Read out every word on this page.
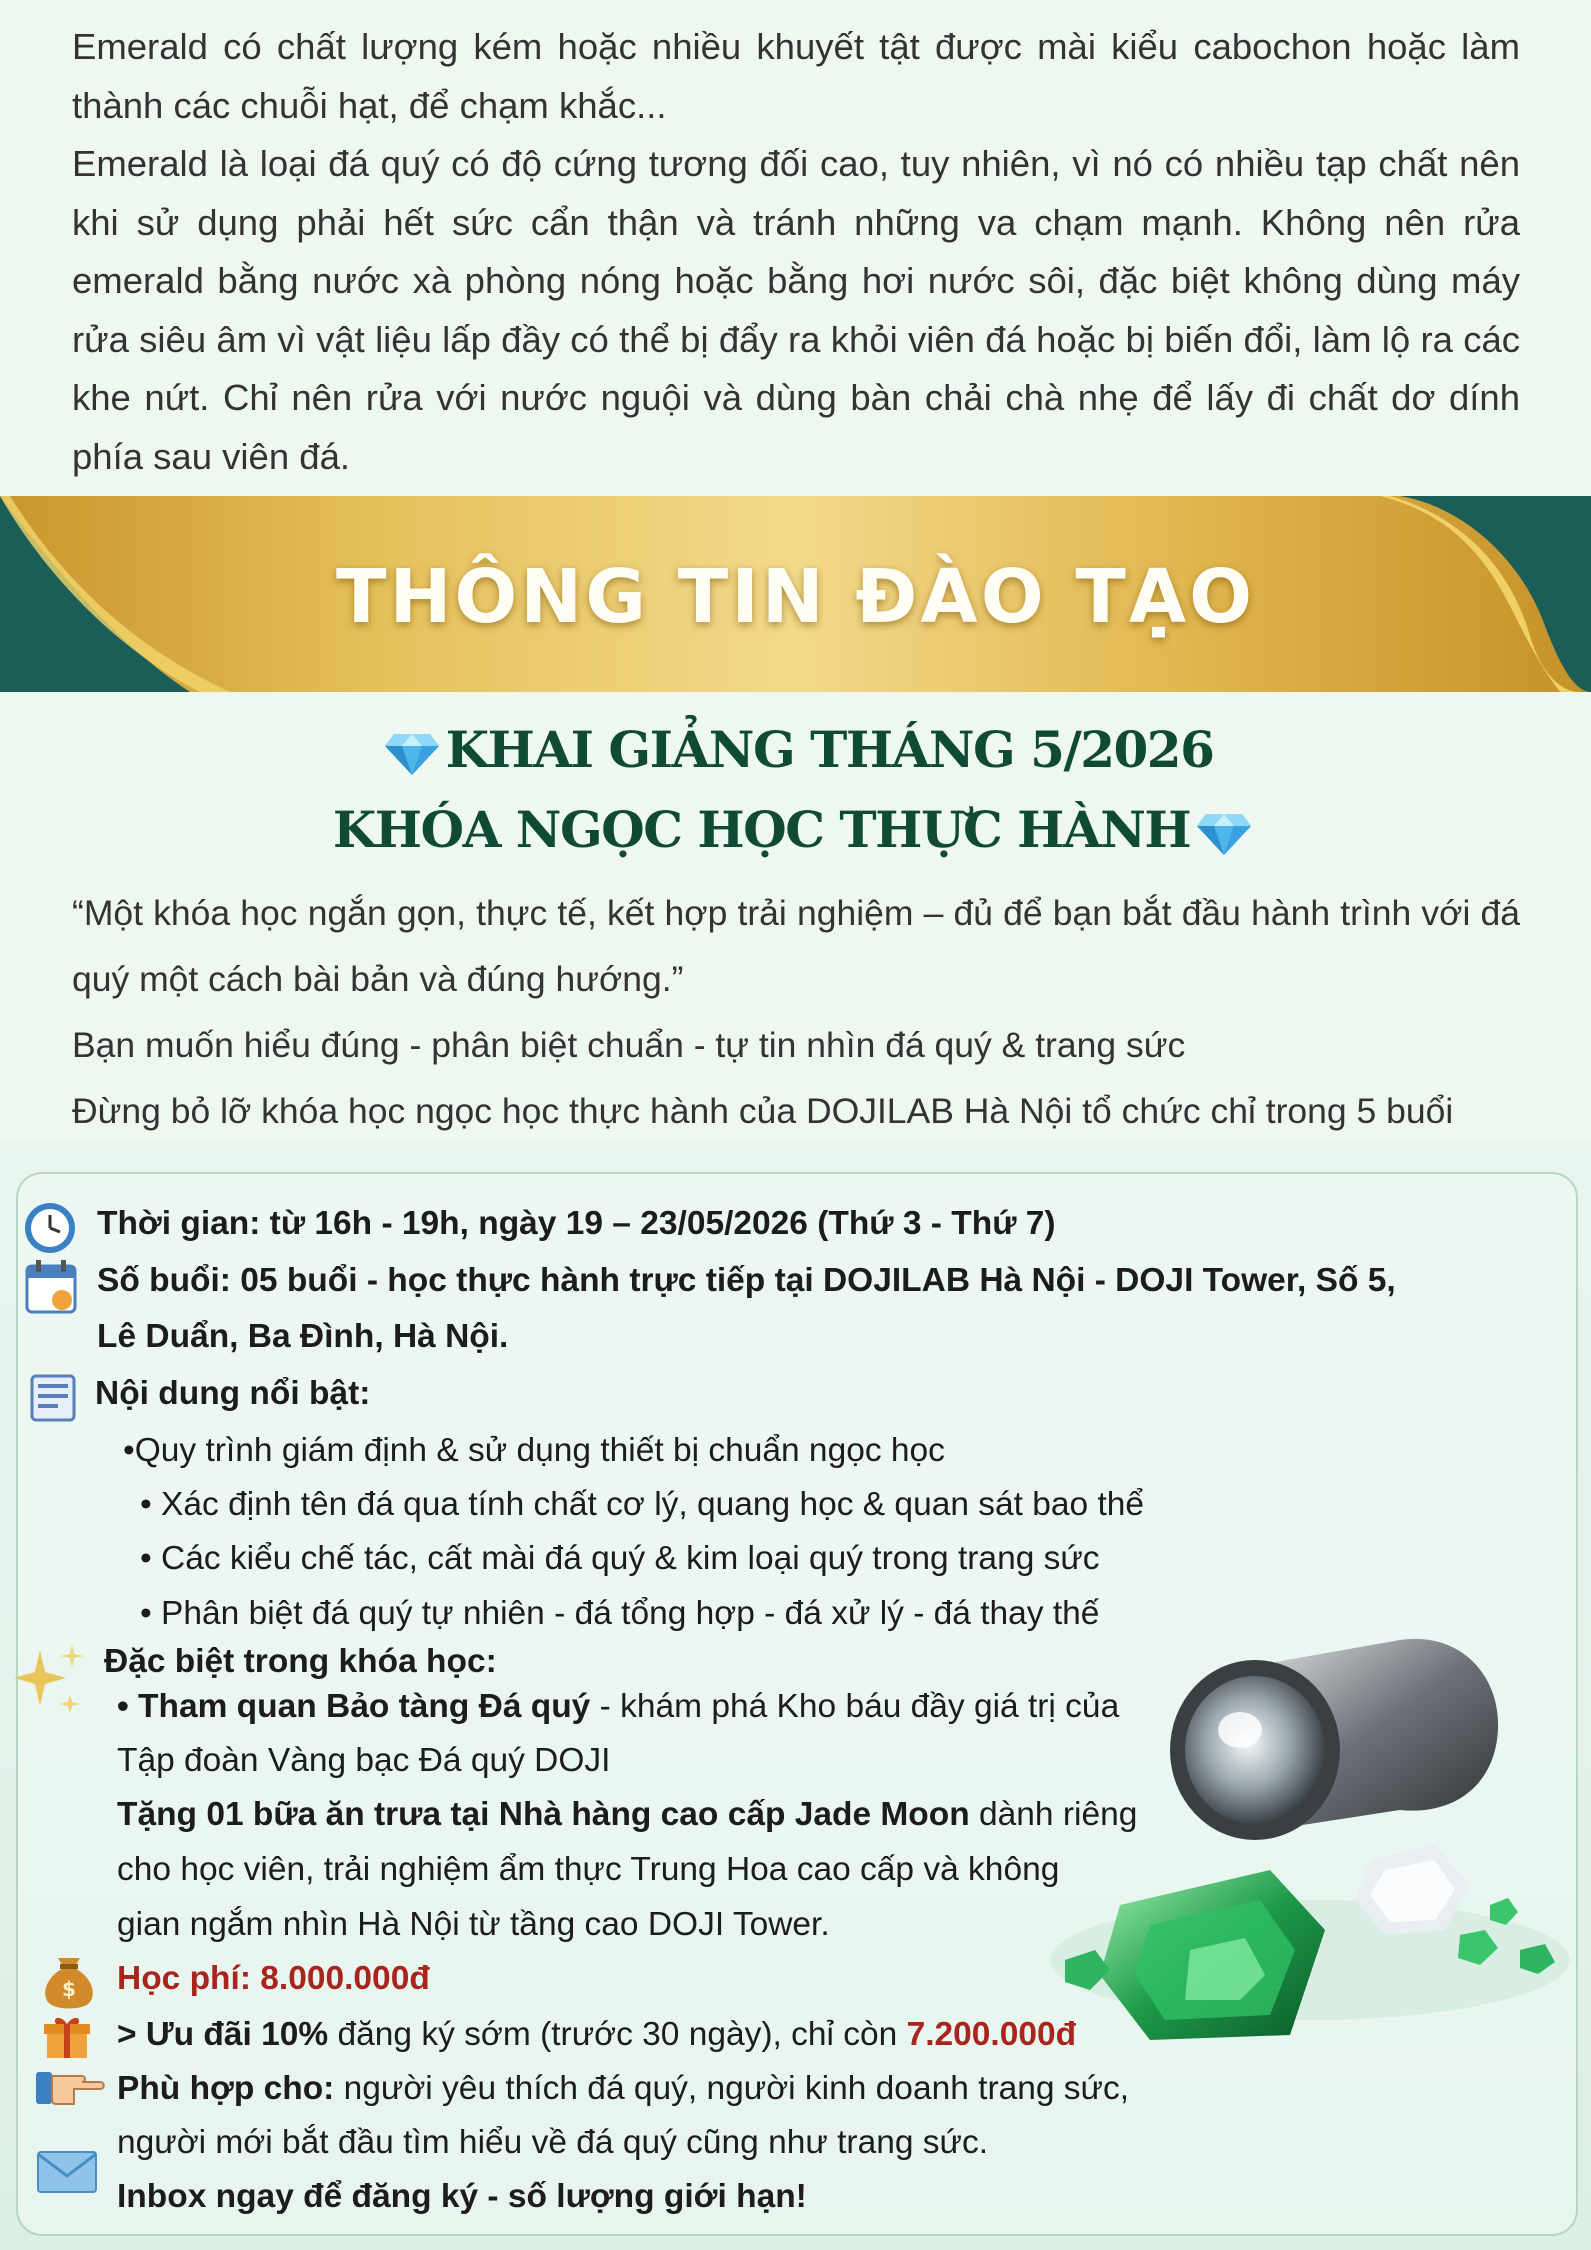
Emerald có chất lượng kém hoặc nhiều khuyết tật được mài kiểu cabochon hoặc làm thành các chuỗi hạt, để chạm khắc...

Emerald là loại đá quý có độ cứng tương đối cao, tuy nhiên, vì nó có nhiều tạp chất nên khi sử dụng phải hết sức cẩn thận và tránh những va chạm mạnh. Không nên rửa emerald bằng nước xà phòng nóng hoặc bằng hơi nước sôi, đặc biệt không dùng máy rửa siêu âm vì vật liệu lấp đầy có thể bị đẩy ra khỏi viên đá hoặc bị biến đổi, làm lộ ra các khe nứt. Chỉ nên rửa với nước nguội và dùng bàn chải chà nhẹ để lấy đi chất dơ dính phía sau viên đá.

THÔNG TIN ĐÀO TẠO
KHAI GIẢNG THÁNG 5/2026
KHÓA NGỌC HỌC THỰC HÀNH

“Một khóa học ngắn gọn, thực tế, kết hợp trải nghiệm – đủ để bạn bắt đầu hành trình với đá quý một cách bài bản và đúng hướng.”

Bạn muốn hiểu đúng - phân biệt chuẩn - tự tin nhìn đá quý & trang sức

Đừng bỏ lỡ khóa học ngọc học thực hành của DOJILAB Hà Nội tổ chức chỉ trong 5 buổi

Thời gian: từ 16h - 19h, ngày 19 – 23/05/2026 (Thứ 3 - Thứ 7)
Số buổi: 05 buổi - học thực hành trực tiếp tại DOJILAB Hà Nội - DOJI Tower, Số 5,
Lê Duẩn, Ba Đình, Hà Nội.
Nội dung nổi bật:
•Quy trình giám định & sử dụng thiết bị chuẩn ngọc học
• Xác định tên đá qua tính chất cơ lý, quang học & quan sát bao thể
• Các kiểu chế tác, cất mài đá quý & kim loại quý trong trang sức
• Phân biệt đá quý tự nhiên - đá tổng hợp - đá xử lý - đá thay thế
Đặc biệt trong khóa học:
• Tham quan Bảo tàng Đá quý - khám phá Kho báu đầy giá trị của
Tập đoàn Vàng bạc Đá quý DOJI
Tặng 01 bữa ăn trưa tại Nhà hàng cao cấp Jade Moon dành riêng
cho học viên, trải nghiệm ẩm thực Trung Hoa cao cấp và không
gian ngắm nhìn Hà Nội từ tầng cao DOJI Tower.
$ Học phí: 8.000.000đ
> Ưu đãi 10% đăng ký sớm (trước 30 ngày), chỉ còn 7.200.000đ
Phù hợp cho: người yêu thích đá quý, người kinh doanh trang sức,
người mới bắt đầu tìm hiểu về đá quý cũng như trang sức.
Inbox ngay để đăng ký - số lượng giới hạn!
